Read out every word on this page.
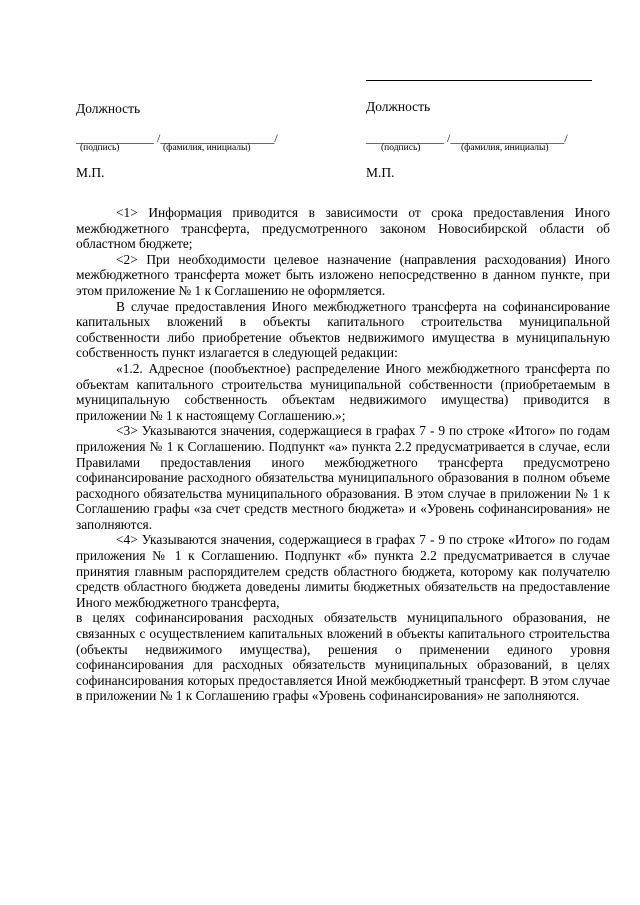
Должность
_____________ /___________________/
(подпись)	(фамилия, инициалы)
М.П.
Должность
_____________ /___________________/
(подпись)	(фамилия, инициалы)
М.П.

<1> Информация приводится в зависимости от срока предоставления Иного межбюджетного трансферта, предусмотренного законом Новосибирской области об областном бюджете;

<2> При необходимости целевое назначение (направления расходования) Иного межбюджетного трансферта может быть изложено непосредственно в данном пункте, при этом приложение № 1 к Соглашению не оформляется.

В случае предоставления Иного межбюджетного трансферта на софинансирование капитальных вложений в объекты капитального строительства муниципальной собственности либо приобретение объектов недвижимого имущества в муниципальную собственность пункт излагается в следующей редакции:

«1.2. Адресное (пообъектное) распределение Иного межбюджетного трансферта по объектам капитального строительства муниципальной собственности (приобретаемым в муниципальную собственность объектам недвижимого имущества) приводится в приложении № 1 к настоящему Соглашению.»;

<3> Указываются значения, содержащиеся в графах 7 - 9 по строке «Итого» по годам приложения № 1 к Соглашению. Подпункт «а» пункта 2.2 предусматривается в случае, если Правилами предоставления иного межбюджетного трансферта предусмотрено софинансирование расходного обязательства муниципального образования в полном объеме расходного обязательства муниципального образования. В этом случае в приложении № 1 к Соглашению графы «за счет средств местного бюджета» и «Уровень софинансирования» не заполняются.

<4> Указываются значения, содержащиеся в графах 7 - 9 по строке «Итого» по годам приложения № 1 к Соглашению. Подпункт «б» пункта 2.2 предусматривается в случае принятия главным распорядителем средств областного бюджета, которому как получателю средств областного бюджета доведены лимиты бюджетных обязательств на предоставление Иного межбюджетного трансферта,

в целях софинансирования расходных обязательств муниципального образования, не связанных с осуществлением капитальных вложений в объекты капитального строительства (объекты недвижимого имущества), решения о применении единого уровня софинансирования для расходных обязательств муниципальных образований, в целях софинансирования которых предоставляется Иной межбюджетный трансферт. В этом случае в приложении № 1 к Соглашению графы «Уровень софинансирования» не заполняются.
